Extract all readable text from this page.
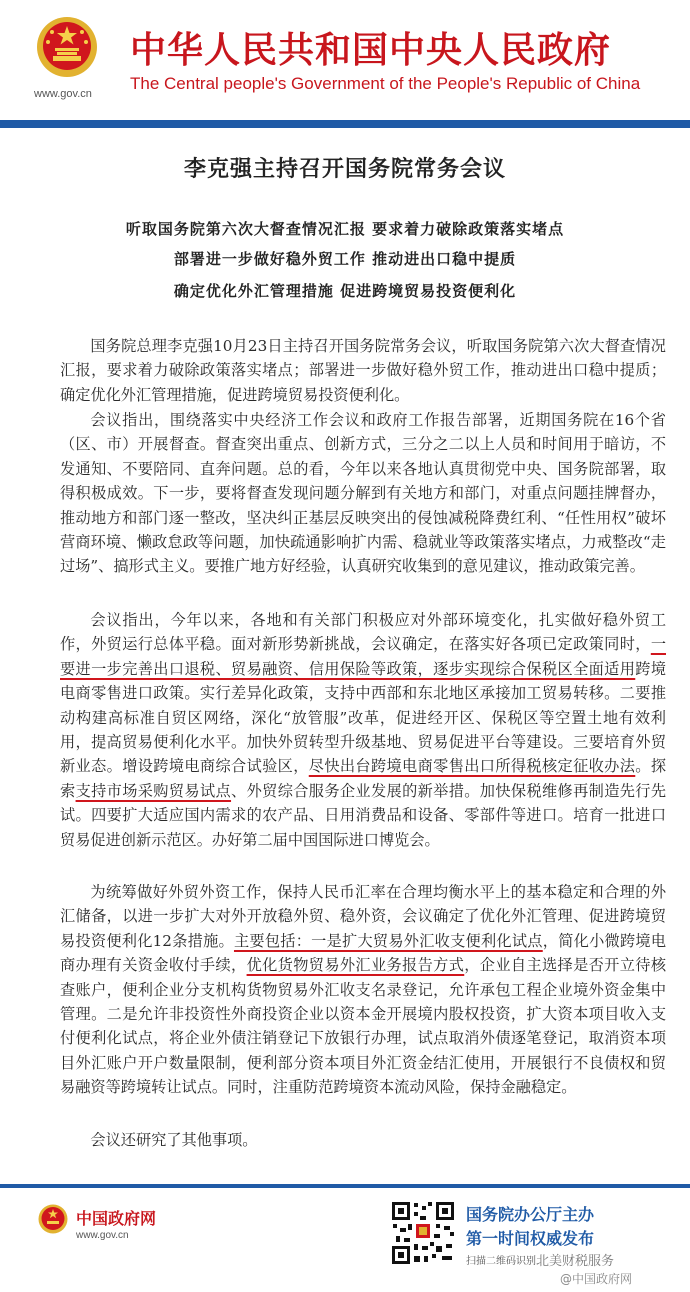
www.gov.cn
中华人民共和国中央人民政府
The Central people's Government of the People's Republic of China
李克强主持召开国务院常务会议
听取国务院第六次大督查情况汇报 要求着力破除政策落实堵点
部署进一步做好稳外贸工作 推动进出口稳中提质
确定优化外汇管理措施 促进跨境贸易投资便利化

国务院总理李克强10月23日主持召开国务院常务会议，听取国务院第六次大督查情况汇报，要求着力破除政策落实堵点；部署进一步做好稳外贸工作，推动进出口稳中提质；确定优化外汇管理措施，促进跨境贸易投资便利化。

会议指出，围绕落实中央经济工作会议和政府工作报告部署，近期国务院在16个省（区、市）开展督查。督查突出重点、创新方式，三分之二以上人员和时间用于暗访，不发通知、不要陪同、直奔问题。总的看，今年以来各地认真贯彻党中央、国务院部署，取得积极成效。下一步，要将督查发现问题分解到有关地方和部门，对重点问题挂牌督办，推动地方和部门逐一整改，坚决纠正基层反映突出的侵蚀减税降费红利、“任性用权”破坏营商环境、懒政怠政等问题，加快疏通影响扩内需、稳就业等政策落实堵点，力戒整改“走过场”、搞形式主义。要推广地方好经验，认真研究收集到的意见建议，推动政策完善。

会议指出，今年以来，各地和有关部门积极应对外部环境变化，扎实做好稳外贸工作，外贸运行总体平稳。面对新形势新挑战，会议确定，在落实好各项已定政策同时，一要进一步完善出口退税、贸易融资、信用保险等政策，逐步实现综合保税区全面适用跨境电商零售进口政策。实行差异化政策，支持中西部和东北地区承接加工贸易转移。二要推动构建高标准自贸区网络，深化“放管服”改革，促进经开区、保税区等空置土地有效利用，提高贸易便利化水平。加快外贸转型升级基地、贸易促进平台等建设。三要培育外贸新业态。增设跨境电商综合试验区，尽快出台跨境电商零售出口所得税核定征收办法。探索支持市场采购贸易试点、外贸综合服务企业发展的新举措。加快保税维修再制造先行先试。四要扩大适应国内需求的农产品、日用消费品和设备、零部件等进口。培育一批进口贸易促进创新示范区。办好第二届中国国际进口博览会。

为统筹做好外贸外资工作，保持人民币汇率在合理均衡水平上的基本稳定和合理的外汇储备，以进一步扩大对外开放稳外贸、稳外资，会议确定了优化外汇管理、促进跨境贸易投资便利化12条措施。主要包括：一是扩大贸易外汇收支便利化试点，简化小微跨境电商办理有关资金收付手续，优化货物贸易外汇业务报告方式，企业自主选择是否开立待核查账户，便利企业分支机构货物贸易外汇收支名录登记，允许承包工程企业境外资金集中管理。二是允许非投资性外商投资企业以资本金开展境内股权投资，扩大资本项目收入支付便利化试点，将企业外债注销登记下放银行办理，试点取消外债逐笔登记，取消资本项目外汇账户开户数量限制，便利部分资本项目外汇资金结汇使用，开展银行不良债权和贸易融资等跨境转让试点。同时，注重防范跨境资本流动风险，保持金融稳定。

会议还研究了其他事项。

中国政府网
www.gov.cn
国务院办公厅主办
第一时间权威发布
扫描二维码识别 北美财税服务
@中国政府网
